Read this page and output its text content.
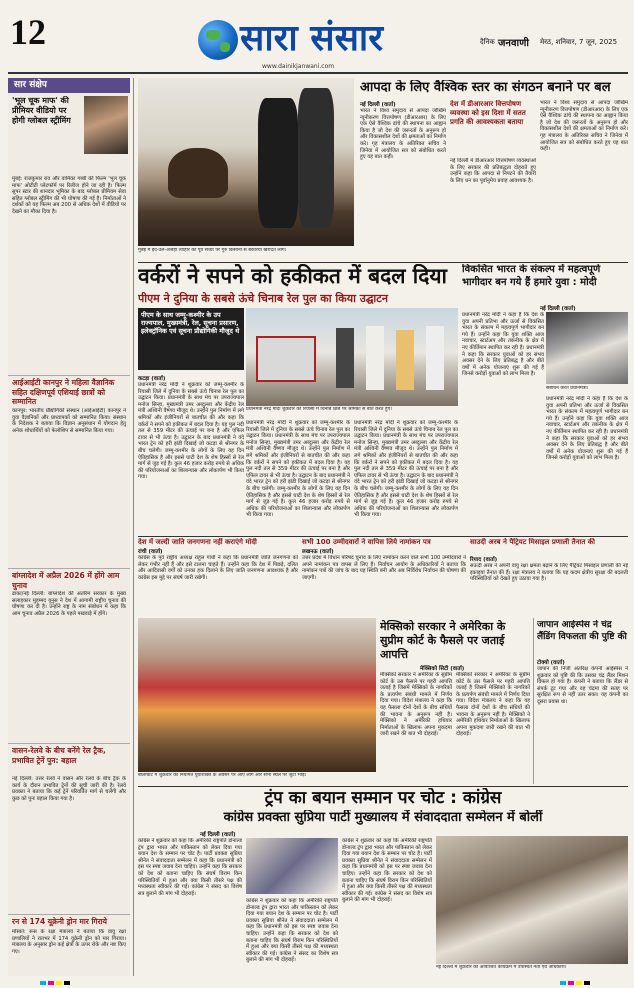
12	सारा संसार
www.dainikjanwani.com
दैनिक जनवाणी मेरठ, शनिवार, 7 जून, 2025
सार संक्षेप
'भूल चूक माफ' की प्रीमियर वीडियो पर होगी ग्लोबल स्ट्रीमिंग
मुंबई: राजकुमार राव और वामिका गब्बी की फिल्म 'भूल चूक माफ' ओटीटी प्लेटफॉर्म पर रिलीज होने जा रही है। फिल्म सुपर स्टार की शानदार भूमिका के बाद ग्लोबल प्रीमियम सेवा सहित ग्लोबल स्ट्रीमिंग की भी घोषणा की गई है। निर्माताओं ने दर्शकों को यह फिल्म अब 200 से अधिक देशों में वीडियो पर देखने का मौका दिया है।
आईआईटी कानपुर ने महिला वैज्ञानिक सहित दक्षिणपूर्व एशियाई छात्रों को सम्मानित
कानपुर: भारतीय प्रौद्योगिकी संस्थान (आईआईटी) कानपुर ने युवा वैज्ञानिकों और प्राध्यापकों को सम्मानित किया। संस्थान के निदेशक ने बताया कि विज्ञान अनुसंधान में योगदान हेतु अनेक शोधार्थियों को फेलोशिप से सम्मानित किया गया।
बांग्लादेश में अप्रैल 2026 में होंगे आम चुनाव
ढाका/नई दिल्ली: बांग्लादेश की अंतरिम सरकार के मुख्य सलाहकार मुहम्मद यूनुस ने देश में आगामी राष्ट्रीय चुनाव की घोषणा कर दी है। उन्होंने राष्ट्र के नाम संबोधन में कहा कि आम चुनाव अप्रैल 2026 के पहले पखवाड़े में होंगे।
वासन-रेलवे के बीच बनेंगे रेल ट्रैक, प्रभावित ट्रेनें पुन: बहाल
नई दिल्ली: उत्तर रेलवे ने वासन और रेलवे के बीच ट्रैक के कार्य के दौरान प्रभावित ट्रेनों की सूची जारी की है। रेलवे प्रवक्ता ने बताया कि कई ट्रेनें परिवर्तित मार्ग से चलेंगी और कुछ को पुनः बहाल किया गया है।
रन से 174 यूक्रेनी ड्रोन मार गिराये
मॉस्को: रूस के रक्षा मंत्रालय ने बताया कि वायु रक्षा प्रणालियों ने रातभर में 174 यूक्रेनी ड्रोन को मार गिराया। मंत्रालय के अनुसार ड्रोन कई क्षेत्रों के ऊपर रोके और नष्ट किए गए।
मुंबई में ईद-उल-अजहा त्योहार की पूर्व संध्या पर गुरु किसानों से बकरियां खरीदते लोग।
आपदा के लिए वैश्विक स्तर का संगठन बनाने पर बल
नई दिल्ली (वार्ता)
भारत ने विश्व समुदाय से आपदा जोखिम न्यूनीकरण वित्तपोषण (डीआरआर) के लिए एक ऐसे वैश्विक ढांचे की स्थापना का आह्वान किया है जो देश की जरूरतों के अनुरूप हो और विकासशील देशों की क्षमताओं का निर्माण करे। गृह मंत्रालय के अतिरिक्त सचिव ने जिनेवा में आयोजित सत्र को संबोधित करते हुए यह बात कही।
देश में डीआरआर वित्तपोषण व्यवस्था को इस दिशा में सतत प्रगति की आवश्यकता बताया
नई दिल्ली में डीआरआर वित्तपोषण व्यवस्थाओं के लिए सरकार की प्रतिबद्धता दोहराते हुए उन्होंने कहा कि आपदा से निपटने की तैयारी के लिए धन का पूर्वानुमेय प्रवाह आवश्यक है।
भारत ने विश्व समुदाय से आपदा जोखिम न्यूनीकरण वित्तपोषण (डीआरआर) के लिए एक ऐसे वैश्विक ढांचे की स्थापना का आह्वान किया है जो देश की जरूरतों के अनुरूप हो और विकासशील देशों की क्षमताओं का निर्माण करे। गृह मंत्रालय के अतिरिक्त सचिव ने जिनेवा में आयोजित सत्र को संबोधित करते हुए यह बात कही।
वर्करों ने सपने को हकीकत में बदल दिया
पीएम ने दुनिया के सबसे ऊंचे चिनाब रेल पुल का किया उद्घाटन
पीएम के साथ जम्मू-कश्मीर के उप राज्यपाल, मुख्यमंत्री, रेल, सूचना प्रसारण, इलेक्ट्रॉनिक एवं सूचना प्रौद्योगिकी मौजूद थे
प्रधानमंत्री नरेंद्र मोदी शुक्रवार को रियासी में चिनाब ब्रिज पर श्रमिकों से बात करते हुए।
कटड़ा (वार्ता)
प्रधानमंत्री नरेंद्र मोदी ने शुक्रवार को जम्मू-कश्मीर के रियासी जिले में दुनिया के सबसे ऊंचे चिनाब रेल पुल का उद्घाटन किया। प्रधानमंत्री के साथ मंच पर उपराज्यपाल मनोज सिन्हा, मुख्यमंत्री उमर अब्दुल्ला और केंद्रीय रेल मंत्री अश्विनी वैष्णव मौजूद थे। उन्होंने पुल निर्माण में लगे श्रमिकों और इंजीनियरों से बातचीत की और कहा कि वर्करों ने सपने को हकीकत में बदल दिया है। यह पुल नदी तल से 359 मीटर की ऊंचाई पर बना है और एफिल टावर से भी ऊंचा है। उद्घाटन के बाद प्रधानमंत्री ने वंदे भारत ट्रेन को हरी झंडी दिखाई जो कटड़ा से श्रीनगर के बीच चलेगी। जम्मू-कश्मीर के लोगों के लिए यह दिन ऐतिहासिक है और इससे घाटी देश के शेष हिस्सों से रेल मार्ग से जुड़ गई है। कुल 46 हजार करोड़ रुपये से अधिक की परियोजनाओं का शिलान्यास और लोकार्पण भी किया गया।
प्रधानमंत्री नरेंद्र मोदी ने शुक्रवार को जम्मू-कश्मीर के रियासी जिले में दुनिया के सबसे ऊंचे चिनाब रेल पुल का उद्घाटन किया। प्रधानमंत्री के साथ मंच पर उपराज्यपाल मनोज सिन्हा, मुख्यमंत्री उमर अब्दुल्ला और केंद्रीय रेल मंत्री अश्विनी वैष्णव मौजूद थे। उन्होंने पुल निर्माण में लगे श्रमिकों और इंजीनियरों से बातचीत की और कहा कि वर्करों ने सपने को हकीकत में बदल दिया है। यह पुल नदी तल से 359 मीटर की ऊंचाई पर बना है और एफिल टावर से भी ऊंचा है। उद्घाटन के बाद प्रधानमंत्री ने वंदे भारत ट्रेन को हरी झंडी दिखाई जो कटड़ा से श्रीनगर के बीच चलेगी। जम्मू-कश्मीर के लोगों के लिए यह दिन ऐतिहासिक है और इससे घाटी देश के शेष हिस्सों से रेल मार्ग से जुड़ गई है। कुल 46 हजार करोड़ रुपये से अधिक की परियोजनाओं का शिलान्यास और लोकार्पण भी किया गया।
प्रधानमंत्री नरेंद्र मोदी ने शुक्रवार को जम्मू-कश्मीर के रियासी जिले में दुनिया के सबसे ऊंचे चिनाब रेल पुल का उद्घाटन किया। प्रधानमंत्री के साथ मंच पर उपराज्यपाल मनोज सिन्हा, मुख्यमंत्री उमर अब्दुल्ला और केंद्रीय रेल मंत्री अश्विनी वैष्णव मौजूद थे। उन्होंने पुल निर्माण में लगे श्रमिकों और इंजीनियरों से बातचीत की और कहा कि वर्करों ने सपने को हकीकत में बदल दिया है। यह पुल नदी तल से 359 मीटर की ऊंचाई पर बना है और एफिल टावर से भी ऊंचा है। उद्घाटन के बाद प्रधानमंत्री ने वंदे भारत ट्रेन को हरी झंडी दिखाई जो कटड़ा से श्रीनगर के बीच चलेगी। जम्मू-कश्मीर के लोगों के लिए यह दिन ऐतिहासिक है और इससे घाटी देश के शेष हिस्सों से रेल मार्ग से जुड़ गई है। कुल 46 हजार करोड़ रुपये से अधिक की परियोजनाओं का शिलान्यास और लोकार्पण भी किया गया।
विकसित भारत के संकल्प में महत्वपूर्ण भागीदार बन गये हैं हमारे युवा : मोदी
नई दिल्ली (वार्ता)
प्रधानमंत्री नरेंद्र मोदी ने कहा है कि देश के युवा अपनी प्रतिभा और ऊर्जा से विकसित भारत के संकल्प में महत्वपूर्ण भागीदार बन गये हैं। उन्होंने कहा कि युवा शक्ति आज नवाचार, स्टार्टअप और तकनीक के क्षेत्र में नए कीर्तिमान स्थापित कर रही है। प्रधानमंत्री ने कहा कि सरकार युवाओं को हर संभव अवसर देने के लिए प्रतिबद्ध है और बीते वर्षों में अनेक योजनाएं शुरू की गई हैं जिनसे करोड़ों युवाओं को लाभ मिला है।
संबोधन करते प्रधानमंत्री।
प्रधानमंत्री नरेंद्र मोदी ने कहा है कि देश के युवा अपनी प्रतिभा और ऊर्जा से विकसित भारत के संकल्प में महत्वपूर्ण भागीदार बन गये हैं। उन्होंने कहा कि युवा शक्ति आज नवाचार, स्टार्टअप और तकनीक के क्षेत्र में नए कीर्तिमान स्थापित कर रही है। प्रधानमंत्री ने कहा कि सरकार युवाओं को हर संभव अवसर देने के लिए प्रतिबद्ध है और बीते वर्षों में अनेक योजनाएं शुरू की गई हैं जिनसे करोड़ों युवाओं को लाभ मिला है।
देश में जल्दी जाति जनगणना नहीं कराएंगे मोदी
रांची (वार्ता)
कांग्रेस के पूर्व राष्ट्रीय अध्यक्ष राहुल गांधी ने कहा कि प्रधानमंत्री जाति जनगणना को लेकर गंभीर नहीं हैं और इसे टालना चाहते हैं। उन्होंने कहा कि देश में पिछड़े, दलित और आदिवासी वर्गों को उनका हक दिलाने के लिए जाति जनगणना आवश्यक है और कांग्रेस इस मुद्दे पर संघर्ष जारी रखेगी।
सभी 100 उम्मीदवारों ने वापिस लिये नामांकन पत्र
लखनऊ (वार्ता)
उत्तर प्रदेश में विधान परिषद चुनाव के लिए नामांकन करने वाले सभी 100 उम्मीदवारों ने अपने नामांकन पत्र वापस ले लिए हैं। निर्वाचन आयोग के अधिकारियों ने बताया कि नामांकन पत्रों की जांच के बाद यह स्थिति बनी और अब निर्विरोध निर्वाचन की घोषणा की जाएगी।
साउदी अरब ने पैट्रियट मिसाइल प्रणाली तैनात की
रियाद (वार्ता)
सऊदी अरब ने अपनी वायु रक्षा क्षमता बढ़ाने के लिए पैट्रियट मिसाइल प्रणाली की नई इकाइयां तैनात की हैं। रक्षा मंत्रालय ने बताया कि यह कदम क्षेत्रीय सुरक्षा की बदलती परिस्थितियों को देखते हुए उठाया गया है।
बालाघाट में शुक्रवार को नियमित युवाशक्ति के अवसर पर आए लोग और सभा स्थल पर जुटी भीड़।
मेक्सिको सरकार ने अमेरिका के सुप्रीम कोर्ट के फैसले पर जताई आपत्ति
मेक्सिको सिटी (वार्ता)
मेक्सिको सरकार ने अमेरिका के सुप्रीम कोर्ट के उस फैसले पर गहरी आपत्ति जताई है जिसमें मेक्सिको के नागरिकों के प्रत्यर्पण संबंधी मामले में निर्णय दिया गया। विदेश मंत्रालय ने कहा कि यह फैसला दोनों देशों के बीच संधियों की भावना के अनुरूप नहीं है। मेक्सिको ने अमेरिकी हथियार निर्माताओं के खिलाफ अपना मुकदमा जारी रखने की बात भी दोहराई।
मेक्सिको सरकार ने अमेरिका के सुप्रीम कोर्ट के उस फैसले पर गहरी आपत्ति जताई है जिसमें मेक्सिको के नागरिकों के प्रत्यर्पण संबंधी मामले में निर्णय दिया गया। विदेश मंत्रालय ने कहा कि यह फैसला दोनों देशों के बीच संधियों की भावना के अनुरूप नहीं है। मेक्सिको ने अमेरिकी हथियार निर्माताओं के खिलाफ अपना मुकदमा जारी रखने की बात भी दोहराई।
जापान आईस्पेस ने चंद्र लैंडिंग विफलता की पुष्टि की
टोक्यो (वार्ता)
जापान की निजी अंतरिक्ष कंपनी आईस्पेस ने शुक्रवार को पुष्टि की कि उसका चंद्र लैंडर मिशन विफल हो गया है। कंपनी ने बताया कि लैंडर से संपर्क टूट गया और वह चंद्रमा की सतह पर सुरक्षित रूप से नहीं उतर सका। यह कंपनी का दूसरा प्रयास था।
ट्रंप का बयान सम्मान पर चोट : कांग्रेस
कांग्रेस प्रवक्ता सुप्रिया पार्टी मुख्यालय में संवाददाता सम्मेलन में बोलीं
नई दिल्ली (वार्ता)
कांग्रेस ने शुक्रवार को कहा कि अमेरिकी राष्ट्रपति डोनाल्ड ट्रंप द्वारा भारत और पाकिस्तान को लेकर दिया गया बयान देश के सम्मान पर चोट है। पार्टी प्रवक्ता सुप्रिया श्रीनेत ने संवाददाता सम्मेलन में कहा कि प्रधानमंत्री को इस पर स्पष्ट जवाब देना चाहिए। उन्होंने कहा कि सरकार को देश को बताना चाहिए कि संघर्ष विराम किन परिस्थितियों में हुआ और क्या किसी तीसरे पक्ष की मध्यस्थता स्वीकार की गई। कांग्रेस ने संसद का विशेष सत्र बुलाने की मांग भी दोहराई।
कांग्रेस ने शुक्रवार को कहा कि अमेरिकी राष्ट्रपति डोनाल्ड ट्रंप द्वारा भारत और पाकिस्तान को लेकर दिया गया बयान देश के सम्मान पर चोट है। पार्टी प्रवक्ता सुप्रिया श्रीनेत ने संवाददाता सम्मेलन में कहा कि प्रधानमंत्री को इस पर स्पष्ट जवाब देना चाहिए। उन्होंने कहा कि सरकार को देश को बताना चाहिए कि संघर्ष विराम किन परिस्थितियों में हुआ और क्या किसी तीसरे पक्ष की मध्यस्थता स्वीकार की गई। कांग्रेस ने संसद का विशेष सत्र बुलाने की मांग भी दोहराई।
कांग्रेस ने शुक्रवार को कहा कि अमेरिकी राष्ट्रपति डोनाल्ड ट्रंप द्वारा भारत और पाकिस्तान को लेकर दिया गया बयान देश के सम्मान पर चोट है। पार्टी प्रवक्ता सुप्रिया श्रीनेत ने संवाददाता सम्मेलन में कहा कि प्रधानमंत्री को इस पर स्पष्ट जवाब देना चाहिए। उन्होंने कहा कि सरकार को देश को बताना चाहिए कि संघर्ष विराम किन परिस्थितियों में हुआ और क्या किसी तीसरे पक्ष की मध्यस्थता स्वीकार की गई। कांग्रेस ने संसद का विशेष सत्र बुलाने की मांग भी दोहराई।
नई दिल्ली में शुक्रवार को आयोजित कार्यक्रम में उपस्थित नेता एवं अधिकारी।
